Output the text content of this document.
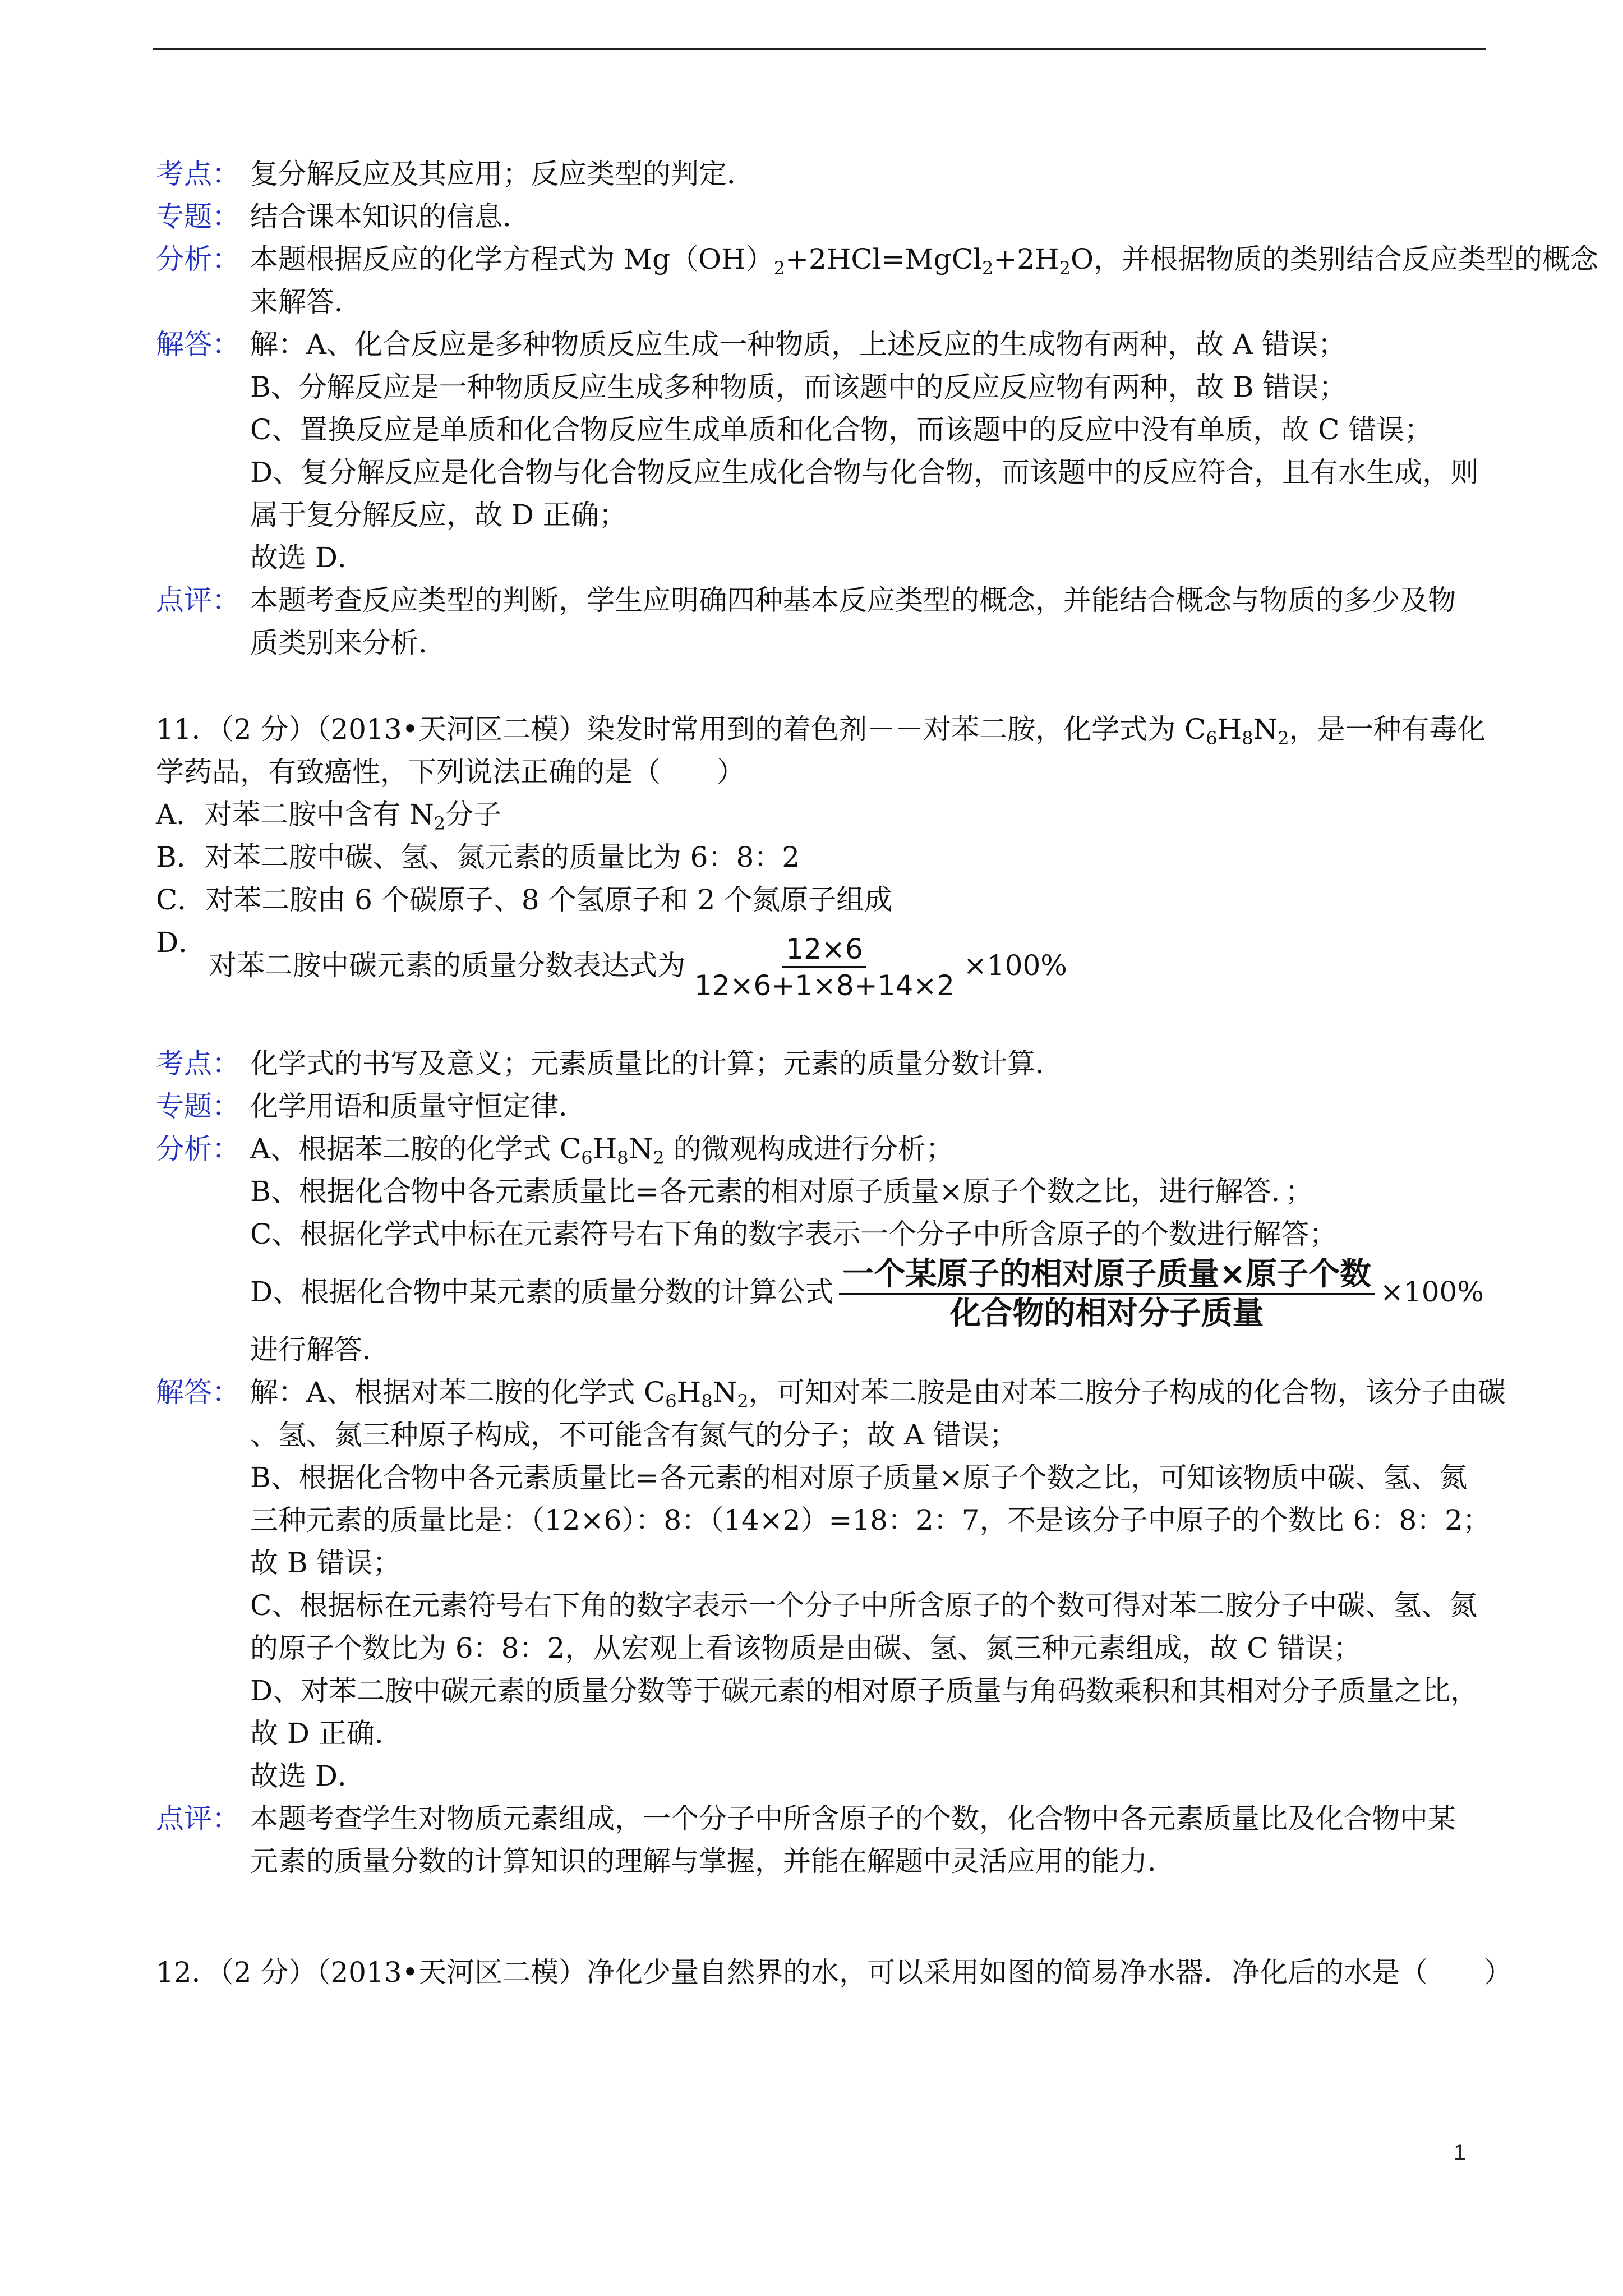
考点： 复分解反应及其应用；反应类型的判定．
专题： 结合课本知识的信息．
分析： 本题根据反应的化学方程式为 $Mg(OH)_2+2HCl=MgCl_2+2H_2O$，并根据物质的类别结合反应类型的概念
来解答．
解答： 解：A、化合反应是多种物质反应生成一种物质，上述反应的生成物有两种，故 A 错误；
B、分解反应是一种物质反应生成多种物质，而该题中的反应反应物有两种，故 B 错误；
C、置换反应是单质和化合物反应生成单质和化合物，而该题中的反应中没有单质，故 C 错误；
D、复分解反应是化合物与化合物反应生成化合物与化合物，而该题中的反应符合，且有水生成，则
属于复分解反应，故 D 正确；
故选 D．
点评： 本题考查反应类型的判断，学生应明确四种基本反应类型的概念，并能结合概念与物质的多少及物
质类别来分析．
11．（2 分）（2013•天河区二模）染发时常用到的着色剂－－对苯二胺，化学式为 $C_6H_8N_2$，是一种有毒化
学药品，有致癌性，下列说法正确的是（　　）
A．对苯二胺中含有 $N_2$分子
B．对苯二胺中碳、氢、氮元素的质量比为 6：8：2
C．对苯二胺由 6 个碳原子、8 个氢原子和 2 个氮原子组成
D．
对苯二胺中碳元素的质量分数表达式为 $\frac{12\times 6}{12\times 6+1\times 8+14\times 2} \times 100\%$
考点： 化学式的书写及意义；元素质量比的计算；元素的质量分数计算．
专题： 化学用语和质量守恒定律．
分析： A、根据苯二胺的化学式 $C_6H_8N_2$ 的微观构成进行分析；
B、根据化合物中各元素质量比=各元素的相对原子质量×原子个数之比，进行解答．；
C、根据化学式中标在元素符号右下角的数字表示一个分子中所含原子的个数进行解答；
D、根据化合物中某元素的质量分数的计算公式 $\frac{\text{一个某原子的相对原子质量×原子个数}}{\text{化合物的相对分子质量}} \times 100\%$
进行解答．
解答： 解：A、根据对苯二胺的化学式 $C_6H_8N_2$，可知对苯二胺是由对苯二胺分子构成的化合物，该分子由碳
、氢、氮三种原子构成，不可能含有氮气的分子；故 A 错误；
B、根据化合物中各元素质量比=各元素的相对原子质量×原子个数之比，可知该物质中碳、氢、氮
三种元素的质量比是：（12×6）：8：（14×2）=18：2：7，不是该分子中原子的个数比 6：8：2；
故 B 错误；
C、根据标在元素符号右下角的数字表示一个分子中所含原子的个数可得对苯二胺分子中碳、氢、氮
的原子个数比为 6：8：2，从宏观上看该物质是由碳、氢、氮三种元素组成，故 C 错误；
D、对苯二胺中碳元素的质量分数等于碳元素的相对原子质量与角码数乘积和其相对分子质量之比，
故 D 正确．
故选 D．
点评： 本题考查学生对物质元素组成，一个分子中所含原子的个数，化合物中各元素质量比及化合物中某
元素的质量分数的计算知识的理解与掌握，并能在解题中灵活应用的能力．
12．（2 分）（2013•天河区二模）净化少量自然界的水，可以采用如图的简易净水器．净化后的水是（　　）
1
